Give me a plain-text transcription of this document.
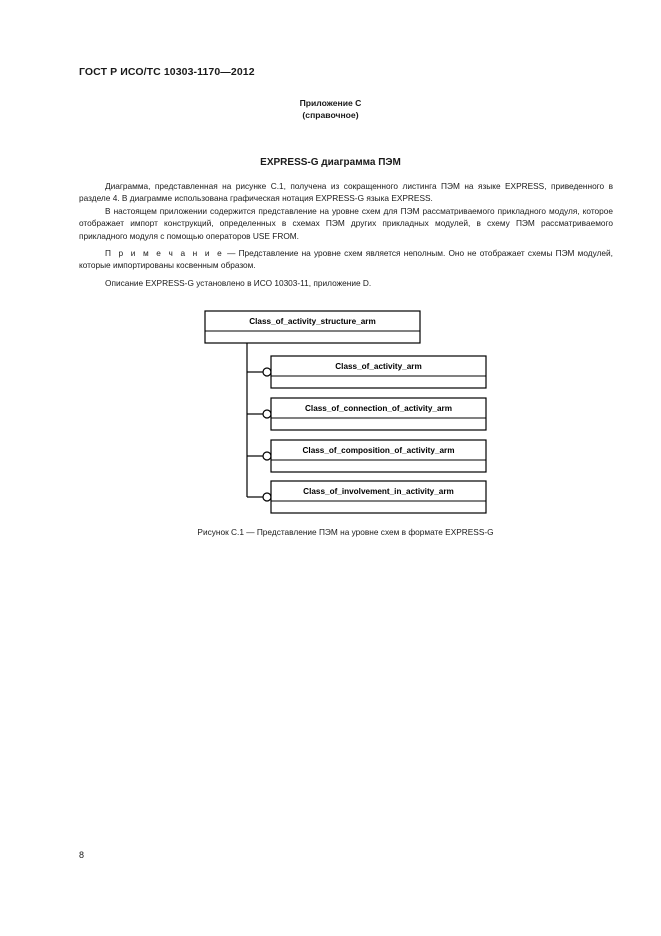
ГОСТ Р ИСО/ТС 10303-1170—2012
Приложение С
(справочное)
EXPRESS-G диаграмма ПЭМ

Диаграмма, представленная на рисунке С.1, получена из сокращенного листинга ПЭМ на языке EXPRESS, приведенного в разделе 4. В диаграмме использована графическая нотация EXPRESS-G языка EXPRESS.

В настоящем приложении содержится представление на уровне схем для ПЭМ рассматриваемого прикладного модуля, которое отображает импорт конструкций, определенных в схемах ПЭМ других прикладных модулей, в схему ПЭМ рассматриваемого прикладного модуля с помощью операторов USE FROM.

П р и м е ч а н и е — Представление на уровне схем является неполным. Оно не отображает схемы ПЭМ модулей, которые импортированы косвенным образом.

Описание EXPRESS-G установлено в ИСО 10303-11, приложение D.

Class_of_activity_structure_arm
Class_of_activity_arm
Class_of_connection_of_activity_arm
Class_of_composition_of_activity_arm
Class_of_involvement_in_activity_arm
Рисунок С.1 — Представление ПЭМ на уровне схем в формате EXPRESS-G
8
